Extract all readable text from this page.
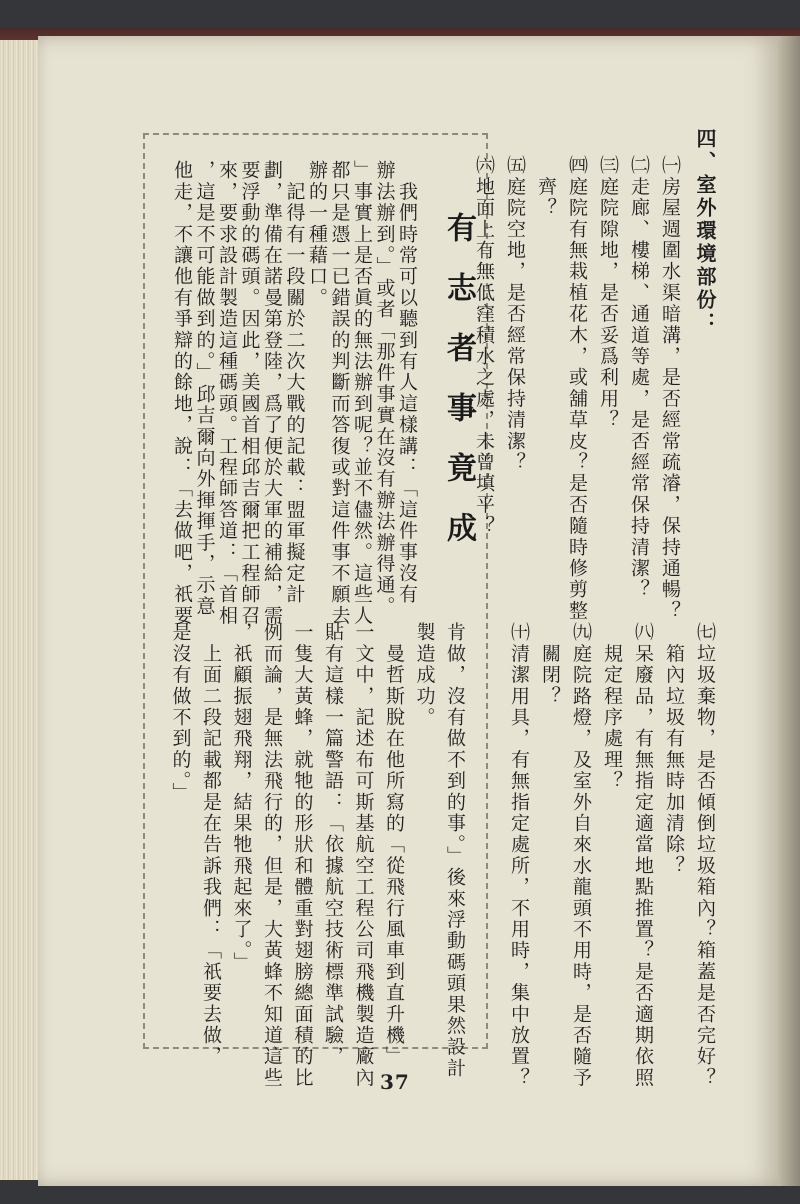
四、室外環境部份：
有志者事竟成
37
㈠房屋週圍水渠暗溝，是否經常疏濬，保持通暢？
㈡走廊、樓梯、通道等處，是否經常保持清潔？
㈢庭院隙地，是否妥爲利用？
㈣庭院有無栽植花木，或舖草皮？是否隨時修剪整
　齊？
㈤庭院空地，是否經常保持清潔？
㈥地面上有無低窪積水之處，未曾填平？
㈦垃圾棄物，是否傾倒垃圾箱內？箱蓋是否完好？
　箱內垃圾有無時加清除？
㈧呆廢品，有無指定適當地點推置？是否適期依照
　規定程序處理？
㈨庭院路燈，及室外自來水龍頭不用時，是否隨予
　關閉？
㈩清潔用具，有無指定處所，不用時，集中放置？
　我們時常可以聽到有人這樣講：「這件事沒有
辦法辦到。」或者「那件事實在沒有辦法辦得通。
」事實上是否眞的無法辦到呢？並不儘然。這些人
都只是憑一已錯誤的判斷而答復或對這件事不願去
辦的一種藉口。
　記得有一段關於二次大戰的記載：盟軍擬定計
劃，準備在諾曼第登陸，爲了便於大軍的補給，需
要浮動的碼頭。因此，美國首相邱吉爾把工程師召
來，要求設計製造這種碼頭。工程師答道：「首相
，這是不可能做到的。」邱吉爾向外揮揮手，示意
他走，不讓他有爭辯的餘地，說：「去做吧，祇要
肯做，沒有做不到的事。」後來浮動碼頭果然設計
製造成功。
　曼哲斯脫在他所寫的「從飛行風車到直升機」
一文中，記述布可斯基航空工程公司飛機製造廠內
貼有這樣一篇警語：「依據航空技術標準試驗，
一隻大黃蜂，就牠的形狀和體重對翅膀總面積的比
例而論，是無法飛行的，但是，大黃蜂不知道這些
，祇顧振翅飛翔，結果牠飛起來了。」
　上面二段記載都是在告訴我們：「祇要去做，
是沒有做不到的。」
